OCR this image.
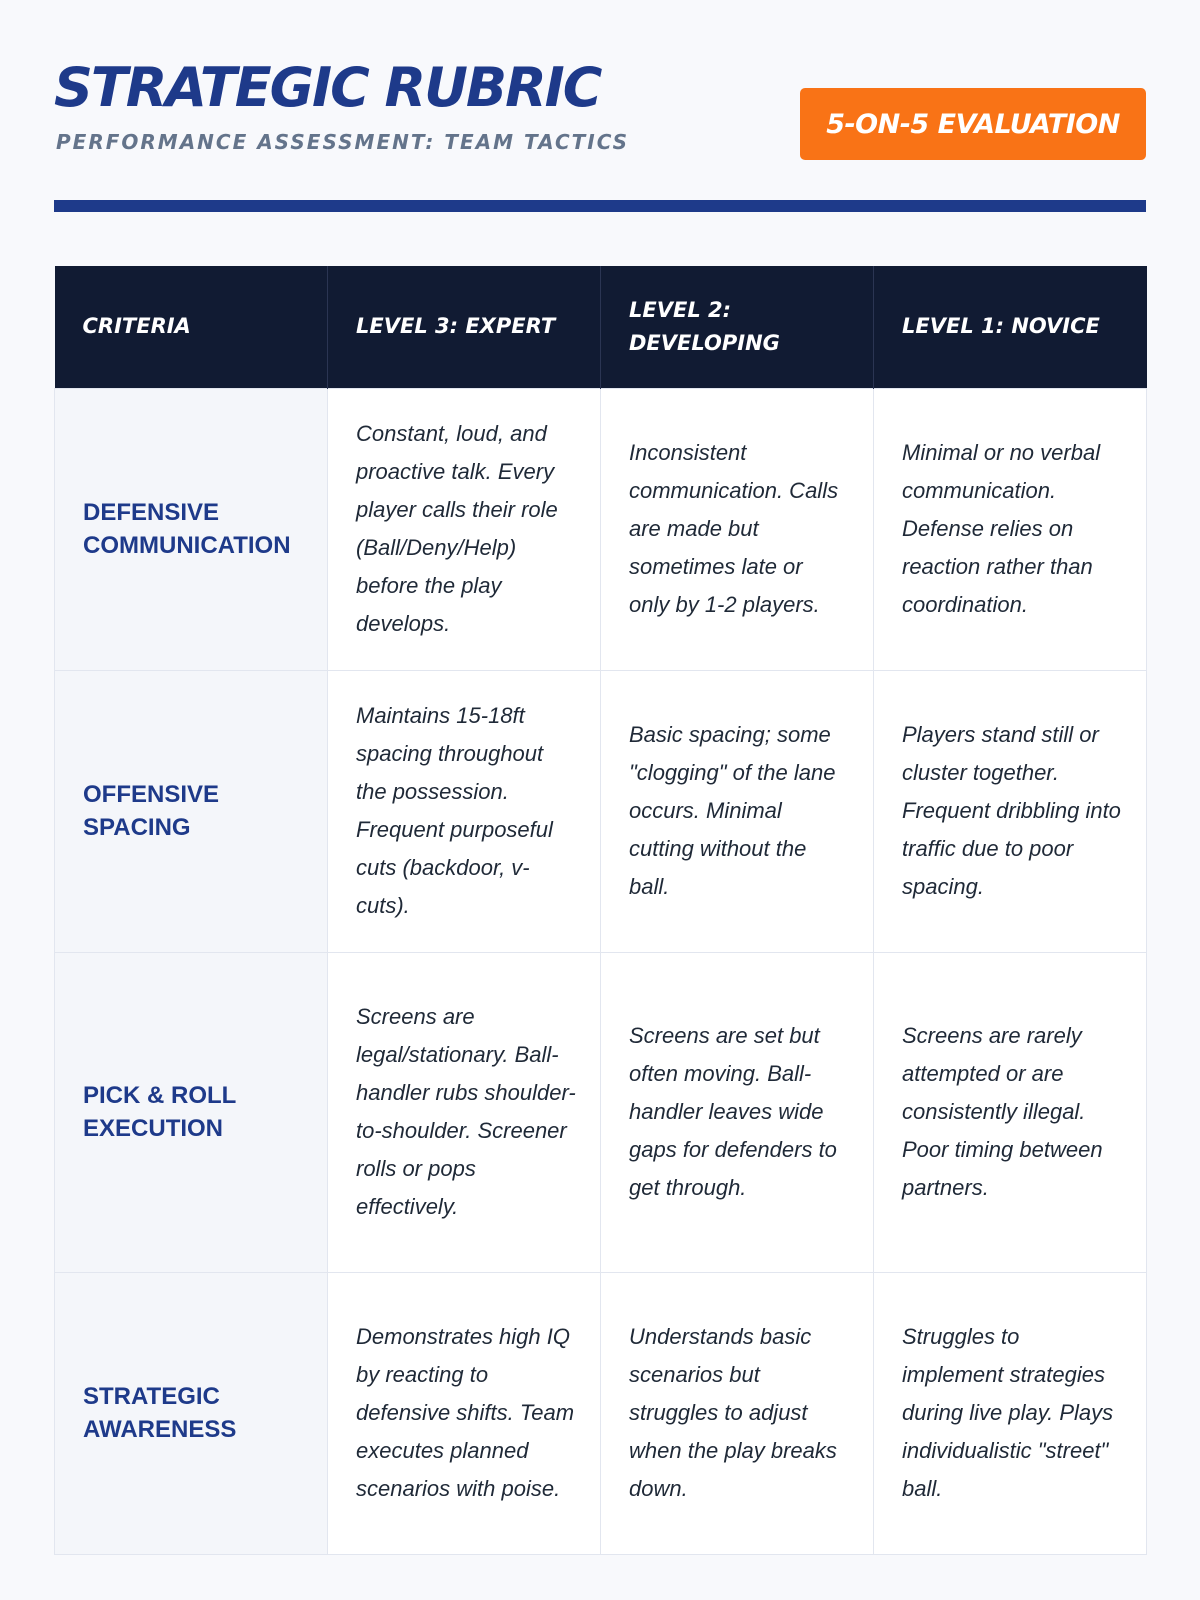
STRATEGIC RUBRIC
PERFORMANCE ASSESSMENT: TEAM TACTICS
5-ON-5 EVALUATION
CRITERIA	LEVEL 3: EXPERT	LEVEL 2: DEVELOPING	LEVEL 1: NOVICE
DEFENSIVE COMMUNICATION	Constant, loud, and proactive talk. Every player calls their role (Ball/Deny/Help) before the play develops.	Inconsistent communication. Calls are made but sometimes late or only by 1-2 players.	Minimal or no verbal communication. Defense relies on reaction rather than coordination.
OFFENSIVE SPACING	Maintains 15-18ft spacing throughout the possession. Frequent purposeful cuts (backdoor, v-cuts).	Basic spacing; some "clogging" of the lane occurs. Minimal cutting without the ball.	Players stand still or cluster together. Frequent dribbling into traffic due to poor spacing.
PICK & ROLL EXECUTION	Screens are legal/stationary. Ball-handler rubs shoulder-to-shoulder. Screener rolls or pops effectively.	Screens are set but often moving. Ball-handler leaves wide gaps for defenders to get through.	Screens are rarely attempted or are consistently illegal. Poor timing between partners.
STRATEGIC AWARENESS	Demonstrates high IQ by reacting to defensive shifts. Team executes planned scenarios with poise.	Understands basic scenarios but struggles to adjust when the play breaks down.	Struggles to implement strategies during live play. Plays individualistic "street" ball.
